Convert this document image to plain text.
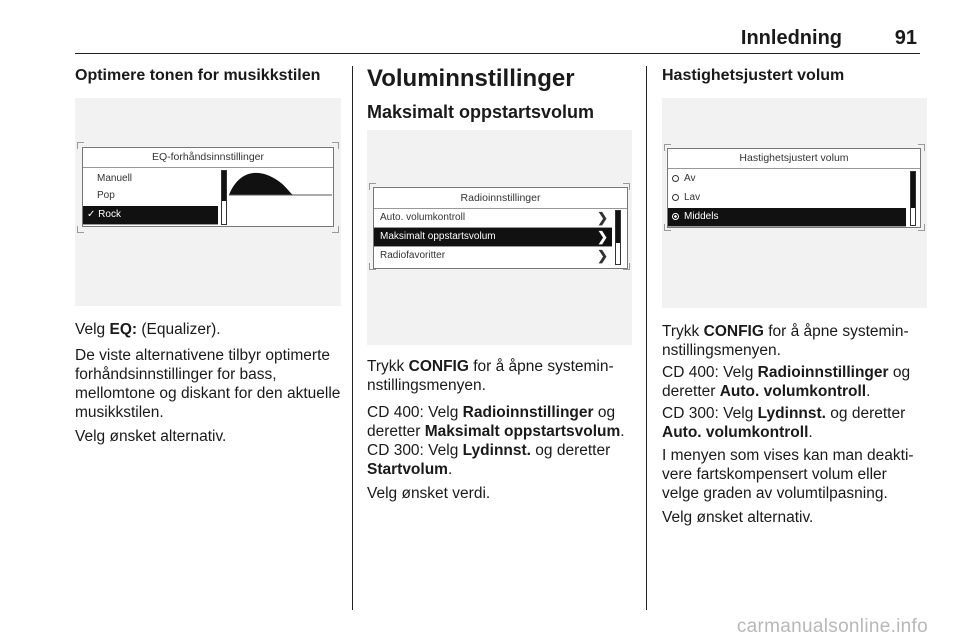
Innledning	91
Optimere tonen for musikkstilen
EQ-forhåndsinnstillinger
Manuell
Pop
✓ Rock

Velg EQ: (Equalizer).

De viste alternativene tilbyr optimerte forhåndsinnstillinger for bass, mellomtone og diskant for den aktuelle musikkstilen.

Velg ønsket alternativ.

Voluminnstillinger
Maksimalt oppstartsvolum
Radioinnstillinger
Auto. volumkontroll	❯
Maksimalt oppstartsvolum	❯
Radiofavoritter	❯

Trykk CONFIG for å åpne systeminnstillingsmenyen.

CD 400: Velg Radioinnstillinger og deretter Maksimalt oppstartsvolum.

CD 300: Velg Lydinnst. og deretter Startvolum.

Velg ønsket verdi.

Hastighetsjustert volum
Hastighetsjustert volum
Av
Lav
Middels

Trykk CONFIG for å åpne systeminnstillingsmenyen.

CD 400: Velg Radioinnstillinger og deretter Auto. volumkontroll.

CD 300: Velg Lydinnst. og deretter Auto. volumkontroll.

I menyen som vises kan man deaktivere fartskompensert volum eller velge graden av volumtilpasning.

Velg ønsket alternativ.

carmanualsonline.info
